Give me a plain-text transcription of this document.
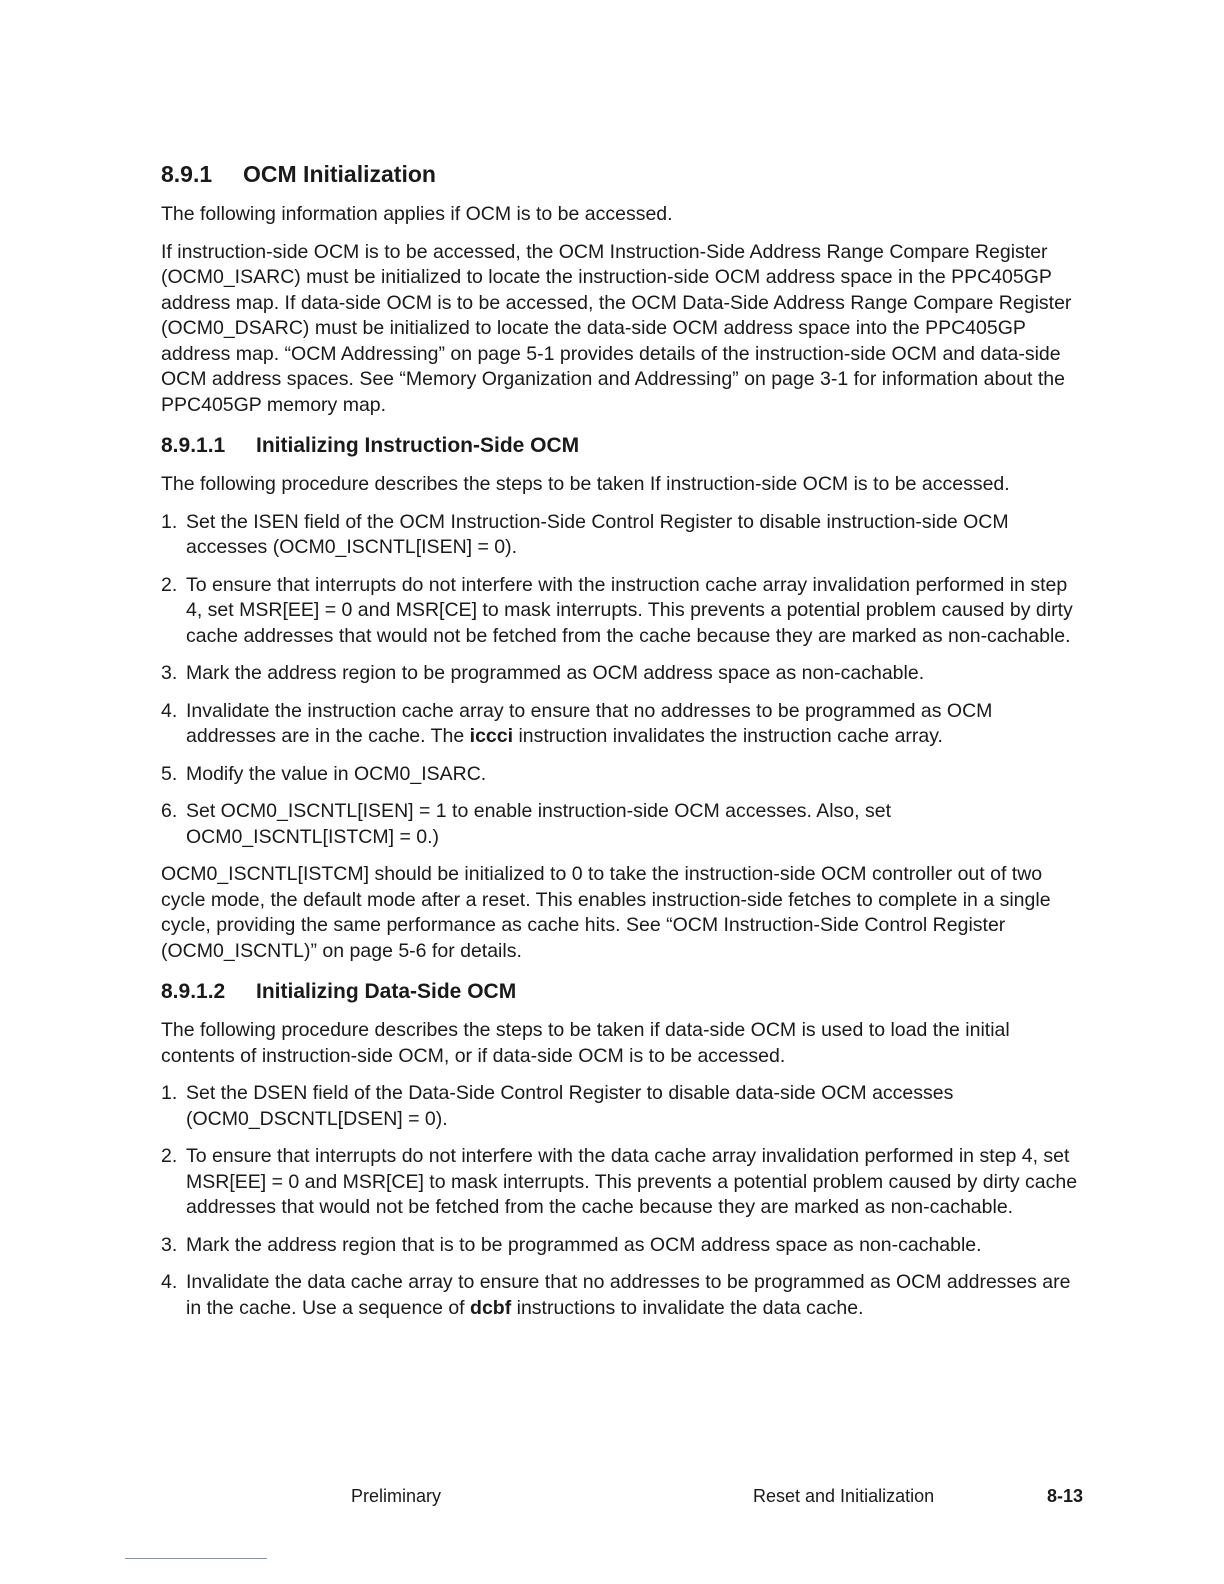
8.9.1	OCM Initialization

The following information applies if OCM is to be accessed.

If instruction-side OCM is to be accessed, the OCM Instruction-Side Address Range Compare Register (OCM0_ISARC) must be initialized to locate the instruction-side OCM address space in the PPC405GP address map. If data-side OCM is to be accessed, the OCM Data-Side Address Range Compare Register (OCM0_DSARC) must be initialized to locate the data-side OCM address space into the PPC405GP address map. “OCM Addressing” on page 5-1 provides details of the instruction-side OCM and data-side OCM address spaces. See “Memory Organization and Addressing” on page 3-1 for information about the PPC405GP memory map.

8.9.1.1	Initializing Instruction-Side OCM

The following procedure describes the steps to be taken If instruction-side OCM is to be accessed.

1. Set the ISEN field of the OCM Instruction-Side Control Register to disable instruction-side OCM accesses (OCM0_ISCNTL[ISEN] = 0).
2. To ensure that interrupts do not interfere with the instruction cache array invalidation performed in step 4, set MSR[EE] = 0 and MSR[CE] to mask interrupts. This prevents a potential problem caused by dirty cache addresses that would not be fetched from the cache because they are marked as non-cachable.
3. Mark the address region to be programmed as OCM address space as non-cachable.
4. Invalidate the instruction cache array to ensure that no addresses to be programmed as OCM addresses are in the cache. The iccci instruction invalidates the instruction cache array.
5. Modify the value in OCM0_ISARC.
6. Set OCM0_ISCNTL[ISEN] = 1 to enable instruction-side OCM accesses. Also, set OCM0_ISCNTL[ISTCM] = 0.)

OCM0_ISCNTL[ISTCM] should be initialized to 0 to take the instruction-side OCM controller out of two cycle mode, the default mode after a reset. This enables instruction-side fetches to complete in a single cycle, providing the same performance as cache hits. See “OCM Instruction-Side Control Register (OCM0_ISCNTL)” on page 5-6 for details.

8.9.1.2	Initializing Data-Side OCM

The following procedure describes the steps to be taken if data-side OCM is used to load the initial contents of instruction-side OCM, or if data-side OCM is to be accessed.

1. Set the DSEN field of the Data-Side Control Register to disable data-side OCM accesses (OCM0_DSCNTL[DSEN] = 0).
2. To ensure that interrupts do not interfere with the data cache array invalidation performed in step 4, set MSR[EE] = 0 and MSR[CE] to mask interrupts. This prevents a potential problem caused by dirty cache addresses that would not be fetched from the cache because they are marked as non-cachable.
3. Mark the address region that is to be programmed as OCM address space as non-cachable.
4. Invalidate the data cache array to ensure that no addresses to be programmed as OCM addresses are in the cache. Use a sequence of dcbf instructions to invalidate the data cache.
Preliminary	Reset and Initialization	8-13
